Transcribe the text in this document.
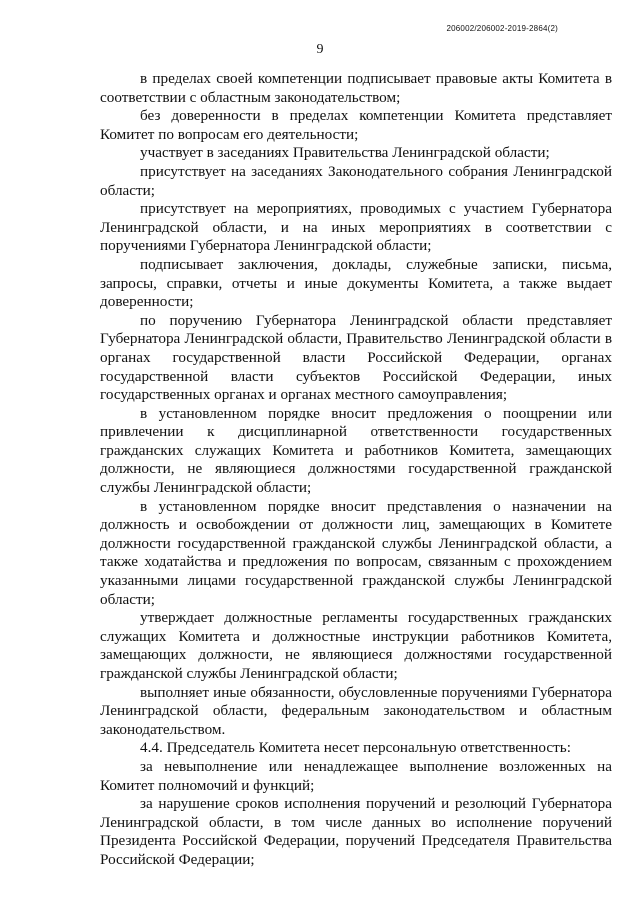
206002/206002-2019-2864(2)
9

в пределах своей компетенции подписывает правовые акты Комитета в соответствии с областным законодательством;

без доверенности в пределах компетенции Комитета представляет Комитет по вопросам его деятельности;

участвует в заседаниях Правительства Ленинградской области;

присутствует на заседаниях Законодательного собрания Ленинградской области;

присутствует на мероприятиях, проводимых с участием Губернатора Ленинградской области, и на иных мероприятиях в соответствии с поручениями Губернатора Ленинградской области;

подписывает заключения, доклады, служебные записки, письма, запросы, справки, отчеты и иные документы Комитета, а также выдает доверенности;

по поручению Губернатора Ленинградской области представляет Губернатора Ленинградской области, Правительство Ленинградской области в органах государственной власти Российской Федерации, органах государственной власти субъектов Российской Федерации, иных государственных органах и органах местного самоуправления;

в установленном порядке вносит предложения о поощрении или привлечении к дисциплинарной ответственности государственных гражданских служащих Комитета и работников Комитета, замещающих должности, не являющиеся должностями государственной гражданской службы Ленинградской области;

в установленном порядке вносит представления о назначении на должность и освобождении от должности лиц, замещающих в Комитете должности государственной гражданской службы Ленинградской области, а также ходатайства и предложения по вопросам, связанным с прохождением указанными лицами государственной гражданской службы Ленинградской области;

утверждает должностные регламенты государственных гражданских служащих Комитета и должностные инструкции работников Комитета, замещающих должности, не являющиеся должностями государственной гражданской службы Ленинградской области;

выполняет иные обязанности, обусловленные поручениями Губернатора Ленинградской области, федеральным законодательством и областным законодательством.

4.4. Председатель Комитета несет персональную ответственность:

за невыполнение или ненадлежащее выполнение возложенных на Комитет полномочий и функций;

за нарушение сроков исполнения поручений и резолюций Губернатора Ленинградской области, в том числе данных во исполнение поручений Президента Российской Федерации, поручений Председателя Правительства Российской Федерации;
